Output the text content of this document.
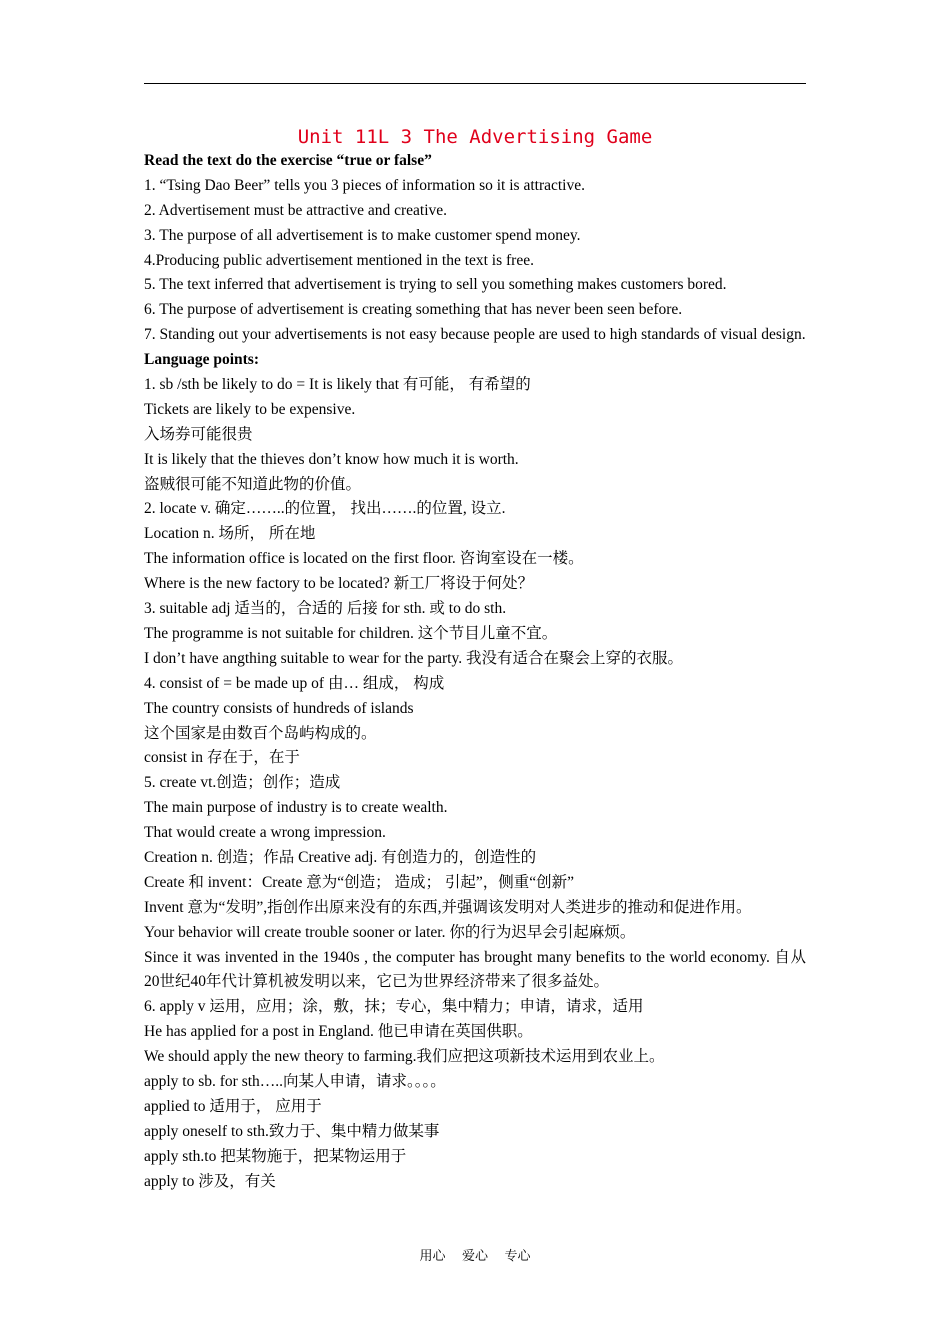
Unit 11L 3 The Advertising Game
Read the text do the exercise “true or false”
1. “Tsing Dao Beer” tells you 3 pieces of information so it is attractive.
2. Advertisement must be attractive and creative.
3. The purpose of all advertisement is to make customer spend money.
4.Producing public advertisement mentioned in the text is free.
5. The text inferred that advertisement is trying to sell you something makes customers bored.
6. The purpose of advertisement is creating something that has never been seen before.
7. Standing out your advertisements is not easy because people are used to high standards of visual design.
Language points:
1. sb /sth be likely to do = It is likely that 有可能， 有希望的
Tickets are likely to be expensive.
入场券可能很贵
It is likely that the thieves don’t know how much it is worth.
盗贼很可能不知道此物的价值。
2. locate v. 确定……..的位置， 找出…….的位置, 设立.
Location n. 场所， 所在地
The information office is located on the first floor. 咨询室设在一楼。
Where is the new factory to be located? 新工厂将设于何处？
3. suitable adj 适当的，合适的 后接 for sth. 或 to do sth.
The programme is not suitable for children. 这个节目儿童不宜。
I don’t have angthing suitable to wear for the party. 我没有适合在聚会上穿的衣服。
4. consist of = be made up of 由… 组成， 构成
The country consists of hundreds of islands
这个国家是由数百个岛屿构成的。
consist in 存在于，在于
5. create vt.创造；创作；造成
The main purpose of industry is to create wealth.
That would create a wrong impression.
Creation n. 创造；作品 Creative adj. 有创造力的，创造性的
Create 和 invent：Create 意为“创造； 造成； 引起”，侧重“创新”
Invent 意为“发明”,指创作出原来没有的东西,并强调该发明对人类进步的推动和促进作用。
Your behavior will create trouble sooner or later. 你的行为迟早会引起麻烦。
Since it was invented in the 1940s , the computer has brought many benefits to the world economy. 自从20世纪40年代计算机被发明以来，它已为世界经济带来了很多益处。
6. apply v 运用，应用；涂，敷，抹；专心，集中精力；申请，请求，适用
He has applied for a post in England. 他已申请在英国供职。
We should apply the new theory to farming.我们应把这项新技术运用到农业上。
apply to sb. for sth…..向某人申请，请求。。。。
applied to 适用于， 应用于
apply oneself to sth.致力于、集中精力做某事
apply sth.to 把某物施于，把某物运用于
apply to 涉及，有关
用心    爱心    专心
